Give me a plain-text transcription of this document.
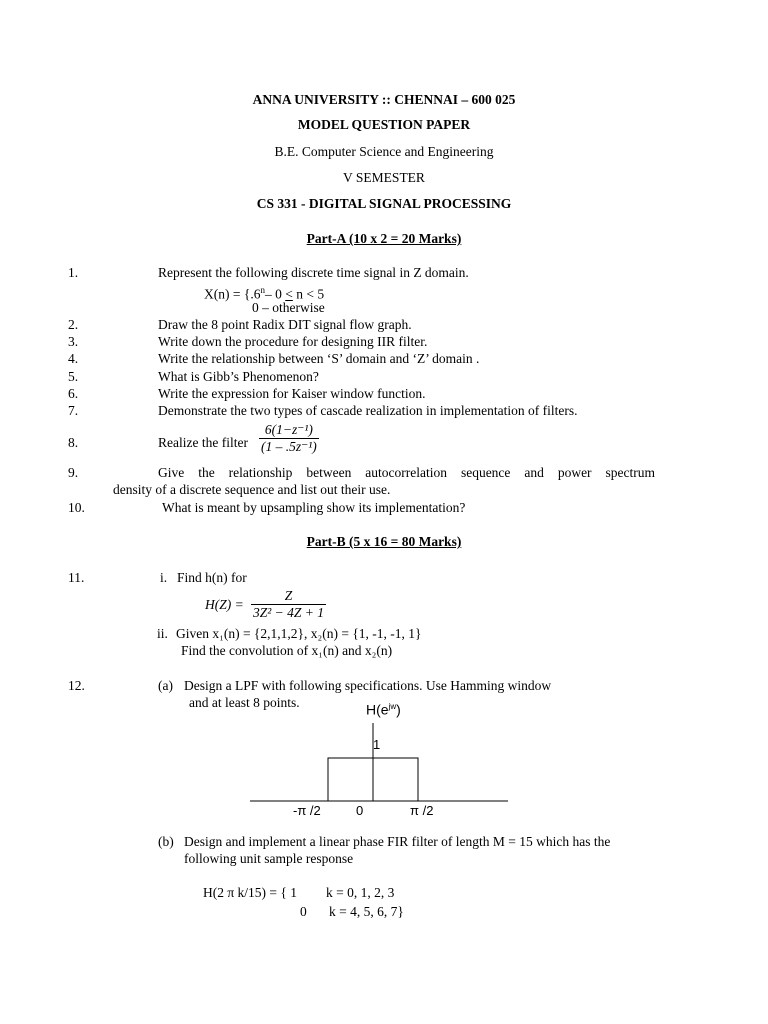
ANNA UNIVERSITY :: CHENNAI – 600 025
MODEL QUESTION PAPER
B.E. Computer Science and Engineering
V SEMESTER
CS 331 - DIGITAL SIGNAL PROCESSING
Part-A (10 x 2 = 20 Marks)
1.	Represent the following discrete time signal in Z domain.
$X(n) = \{.6^n-$ 0 < n < 5
0 – otherwise
2.	Draw the 8 point Radix DIT signal flow graph.
3.	Write down the procedure for designing IIR filter.
4.	Write the relationship between ‘S’ domain and ‘Z’ domain .
5.	What is Gibb’s Phenomenon?
6.	Write the expression for Kaiser window function.
7.	Demonstrate the two types of cascade realization in implementation of filters.
8.	Realize the filter $\frac{\text{6(1−z⁻¹)}}{\text{(1 – .5z⁻¹)}}$
9.	Give the relationship between autocorrelation sequence and power spectrum
density of a discrete sequence and list out their use.
10.	What is meant by upsampling show its implementation?
Part-B (5 x 16 = 80 Marks)
11.	i. Find h(n) for
$H(Z) = \frac{Z}{\text{3Z² − 4Z + 1}}$
ii. Given x₁(n) = {2,1,1,2}, x₂(n) = {1, -1, -1, 1}
Find the convolution of x₁(n) and x₂(n)
12.	(a) Design a LPF with following specifications. Use Hamming window
and at least 8 points.	$H(e^{jw})$
1
-π /2	0	π /2
(b) Design and implement a linear phase FIR filter of length M = 15 which has the
following unit sample response
H(2 π k/15) = { 1 k = 0, 1, 2, 3
0 k = 4, 5, 6, 7}
